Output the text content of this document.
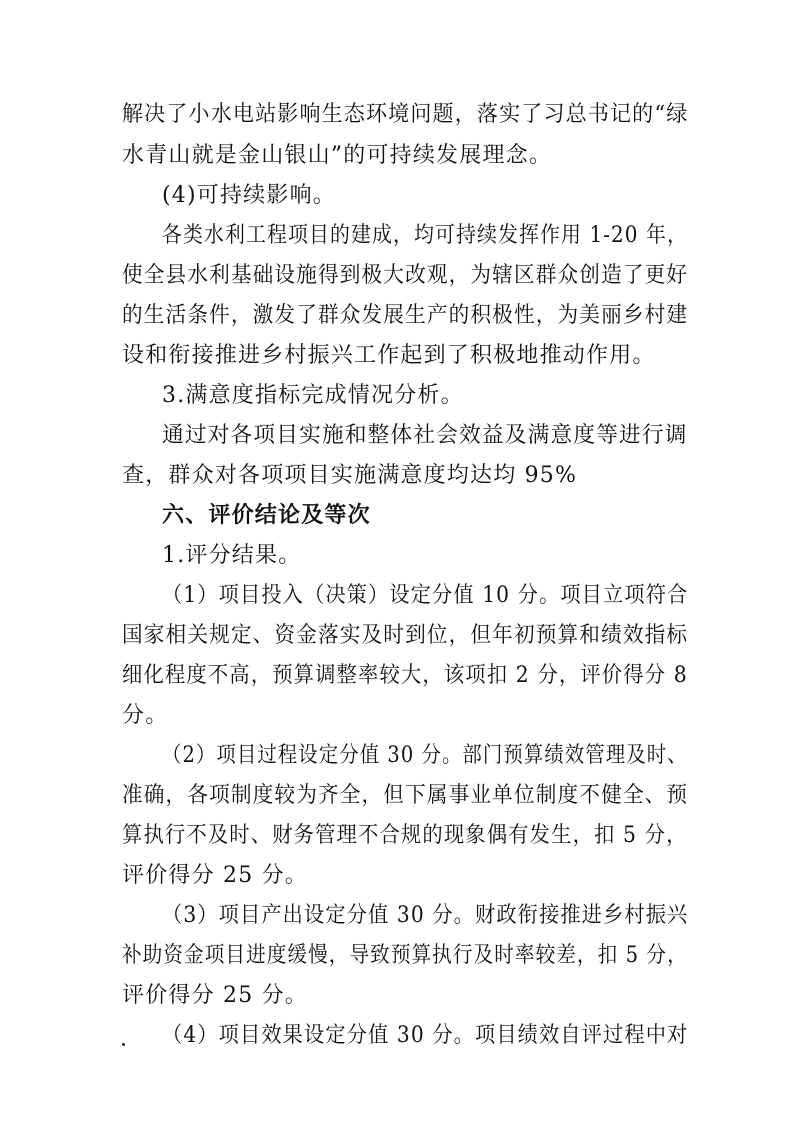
解决了小水电站影响生态环境问题，落实了习总书记的“绿
水青山就是金山银山”的可持续发展理念。
(4)可持续影响。
各类水利工程项目的建成，均可持续发挥作用 1-20 年，
使全县水利基础设施得到极大改观，为辖区群众创造了更好
的生活条件，激发了群众发展生产的积极性，为美丽乡村建
设和衔接推进乡村振兴工作起到了积极地推动作用。
3.满意度指标完成情况分析。
通过对各项目实施和整体社会效益及满意度等进行调
查，群众对各项项目实施满意度均达均 95%
六、评价结论及等次
1.评分结果。
（1）项目投入（决策）设定分值 10 分。项目立项符合
国家相关规定、资金落实及时到位，但年初预算和绩效指标
细化程度不高，预算调整率较大，该项扣 2 分，评价得分 8
分。
（2）项目过程设定分值 30 分。部门预算绩效管理及时、
准确，各项制度较为齐全，但下属事业单位制度不健全、预
算执行不及时、财务管理不合规的现象偶有发生，扣 5 分，
评价得分 25 分。
（3）项目产出设定分值 30 分。财政衔接推进乡村振兴
补助资金项目进度缓慢，导致预算执行及时率较差，扣 5 分，
评价得分 25 分。
（4）项目效果设定分值 30 分。项目绩效自评过程中对
